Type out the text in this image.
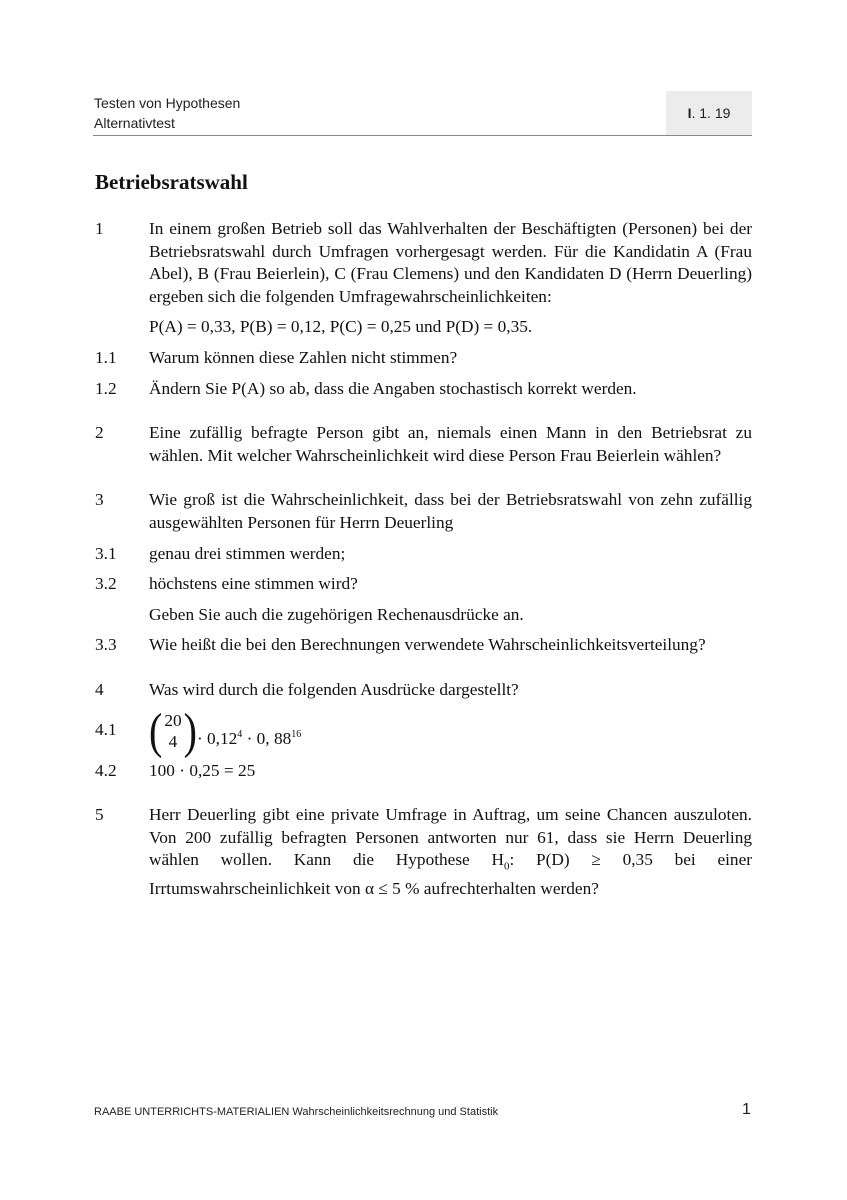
Testen von Hypothesen
Alternativtest
I . 1. 19
Betriebsratswahl
1	In einem großen Betrieb soll das Wahlverhalten der Beschäftigten (Personen) bei der Betriebsratswahl durch Umfragen vorhergesagt werden. Für die Kandidatin A (Frau Abel), B (Frau Beierlein), C (Frau Clemens) und den Kandidaten D (Herrn Deuerling) ergeben sich die folgenden Umfragewahrscheinlichkeiten:
P(A) = 0,33, P(B) = 0,12, P(C) = 0,25 und P(D) = 0,35.
1.1	Warum können diese Zahlen nicht stimmen?
1.2	Ändern Sie P(A) so ab, dass die Angaben stochastisch korrekt werden.
2	Eine zufällig befragte Person gibt an, niemals einen Mann in den Betriebsrat zu wählen. Mit welcher Wahrscheinlichkeit wird diese Person Frau Beierlein wählen?
3	Wie groß ist die Wahrscheinlichkeit, dass bei der Betriebsratswahl von zehn zufällig ausgewählten Personen für Herrn Deuerling
3.1	genau drei stimmen werden;
3.2	höchstens eine stimmen wird?
Geben Sie auch die zugehörigen Rechenausdrücke an.
3.3	Wie heißt die bei den Berechnungen verwendete Wahrscheinlichkeitsverteilung?
4	Was wird durch die folgenden Ausdrücke dargestellt?
4.1 ( 20
4 ) · $0,12^4 \cdot 0$, $88^{16}$
4.2	100 · 0,25 = 25
5	Herr Deuerling gibt eine private Umfrage in Auftrag, um seine Chancen auszuloten. Von 200 zufällig befragten Personen antworten nur 61, dass sie Herrn Deuerling wählen wollen. Kann die Hypothese $H_0$: P(D) ≥ 0,35 bei einer Irrtumswahrscheinlichkeit von α ≤ 5 % aufrechterhalten werden?
RAABE UNTERRICHTS-MATERIALIEN Wahrscheinlichkeitsrechnung und Statistik	1
